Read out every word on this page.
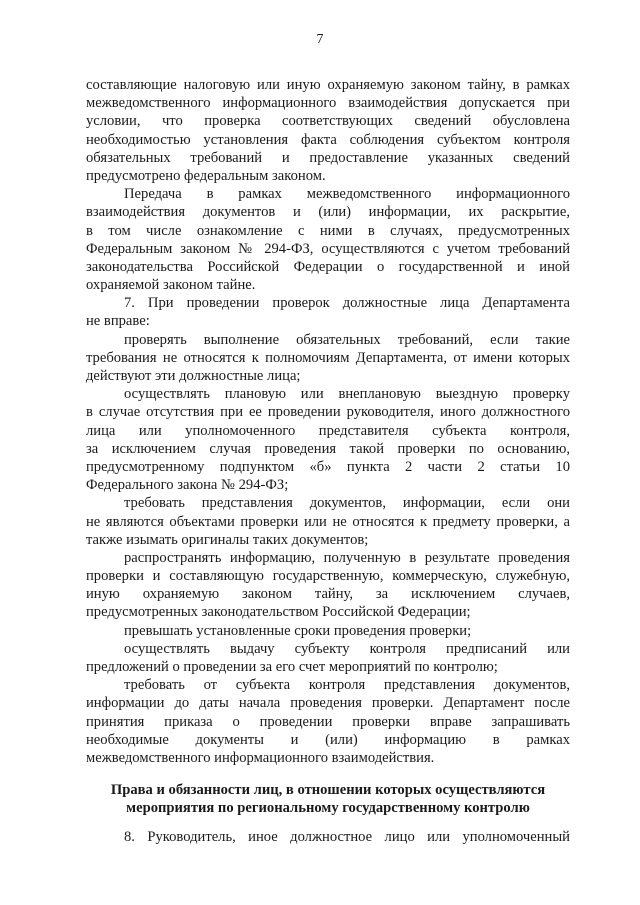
7
составляющие налоговую или иную охраняемую законом тайну, в рамках
межведомственного информационного взаимодействия допускается при
условии, что проверка соответствующих сведений обусловлена
необходимостью установления факта соблюдения субъектом контроля
обязательных требований и предоставление указанных сведений
предусмотрено федеральным законом.
Передача в рамках межведомственного информационного
взаимодействия документов и (или) информации, их раскрытие,
в том числе ознакомление с ними в случаях, предусмотренных
Федеральным законом № 294-ФЗ, осуществляются с учетом требований
законодательства Российской Федерации о государственной и иной
охраняемой законом тайне.
7. При проведении проверок должностные лица Департамента
не вправе:
проверять выполнение обязательных требований, если такие
требования не относятся к полномочиям Департамента, от имени которых
действуют эти должностные лица;
осуществлять плановую или внеплановую выездную проверку
в случае отсутствия при ее проведении руководителя, иного должностного
лица или уполномоченного представителя субъекта контроля,
за исключением случая проведения такой проверки по основанию,
предусмотренному подпунктом «б» пункта 2 части 2 статьи 10
Федерального закона № 294-ФЗ;
требовать представления документов, информации, если они
не являются объектами проверки или не относятся к предмету проверки, а
также изымать оригиналы таких документов;
распространять информацию, полученную в результате проведения
проверки и составляющую государственную, коммерческую, служебную,
иную охраняемую законом тайну, за исключением случаев,
предусмотренных законодательством Российской Федерации;
превышать установленные сроки проведения проверки;
осуществлять выдачу субъекту контроля предписаний или
предложений о проведении за его счет мероприятий по контролю;
требовать от субъекта контроля представления документов,
информации до даты начала проведения проверки. Департамент после
принятия приказа о проведении проверки вправе запрашивать
необходимые документы и (или) информацию в рамках
межведомственного информационного взаимодействия.
Права и обязанности лиц, в отношении которых осуществляются
мероприятия по региональному государственному контролю
8. Руководитель, иное должностное лицо или уполномоченный
